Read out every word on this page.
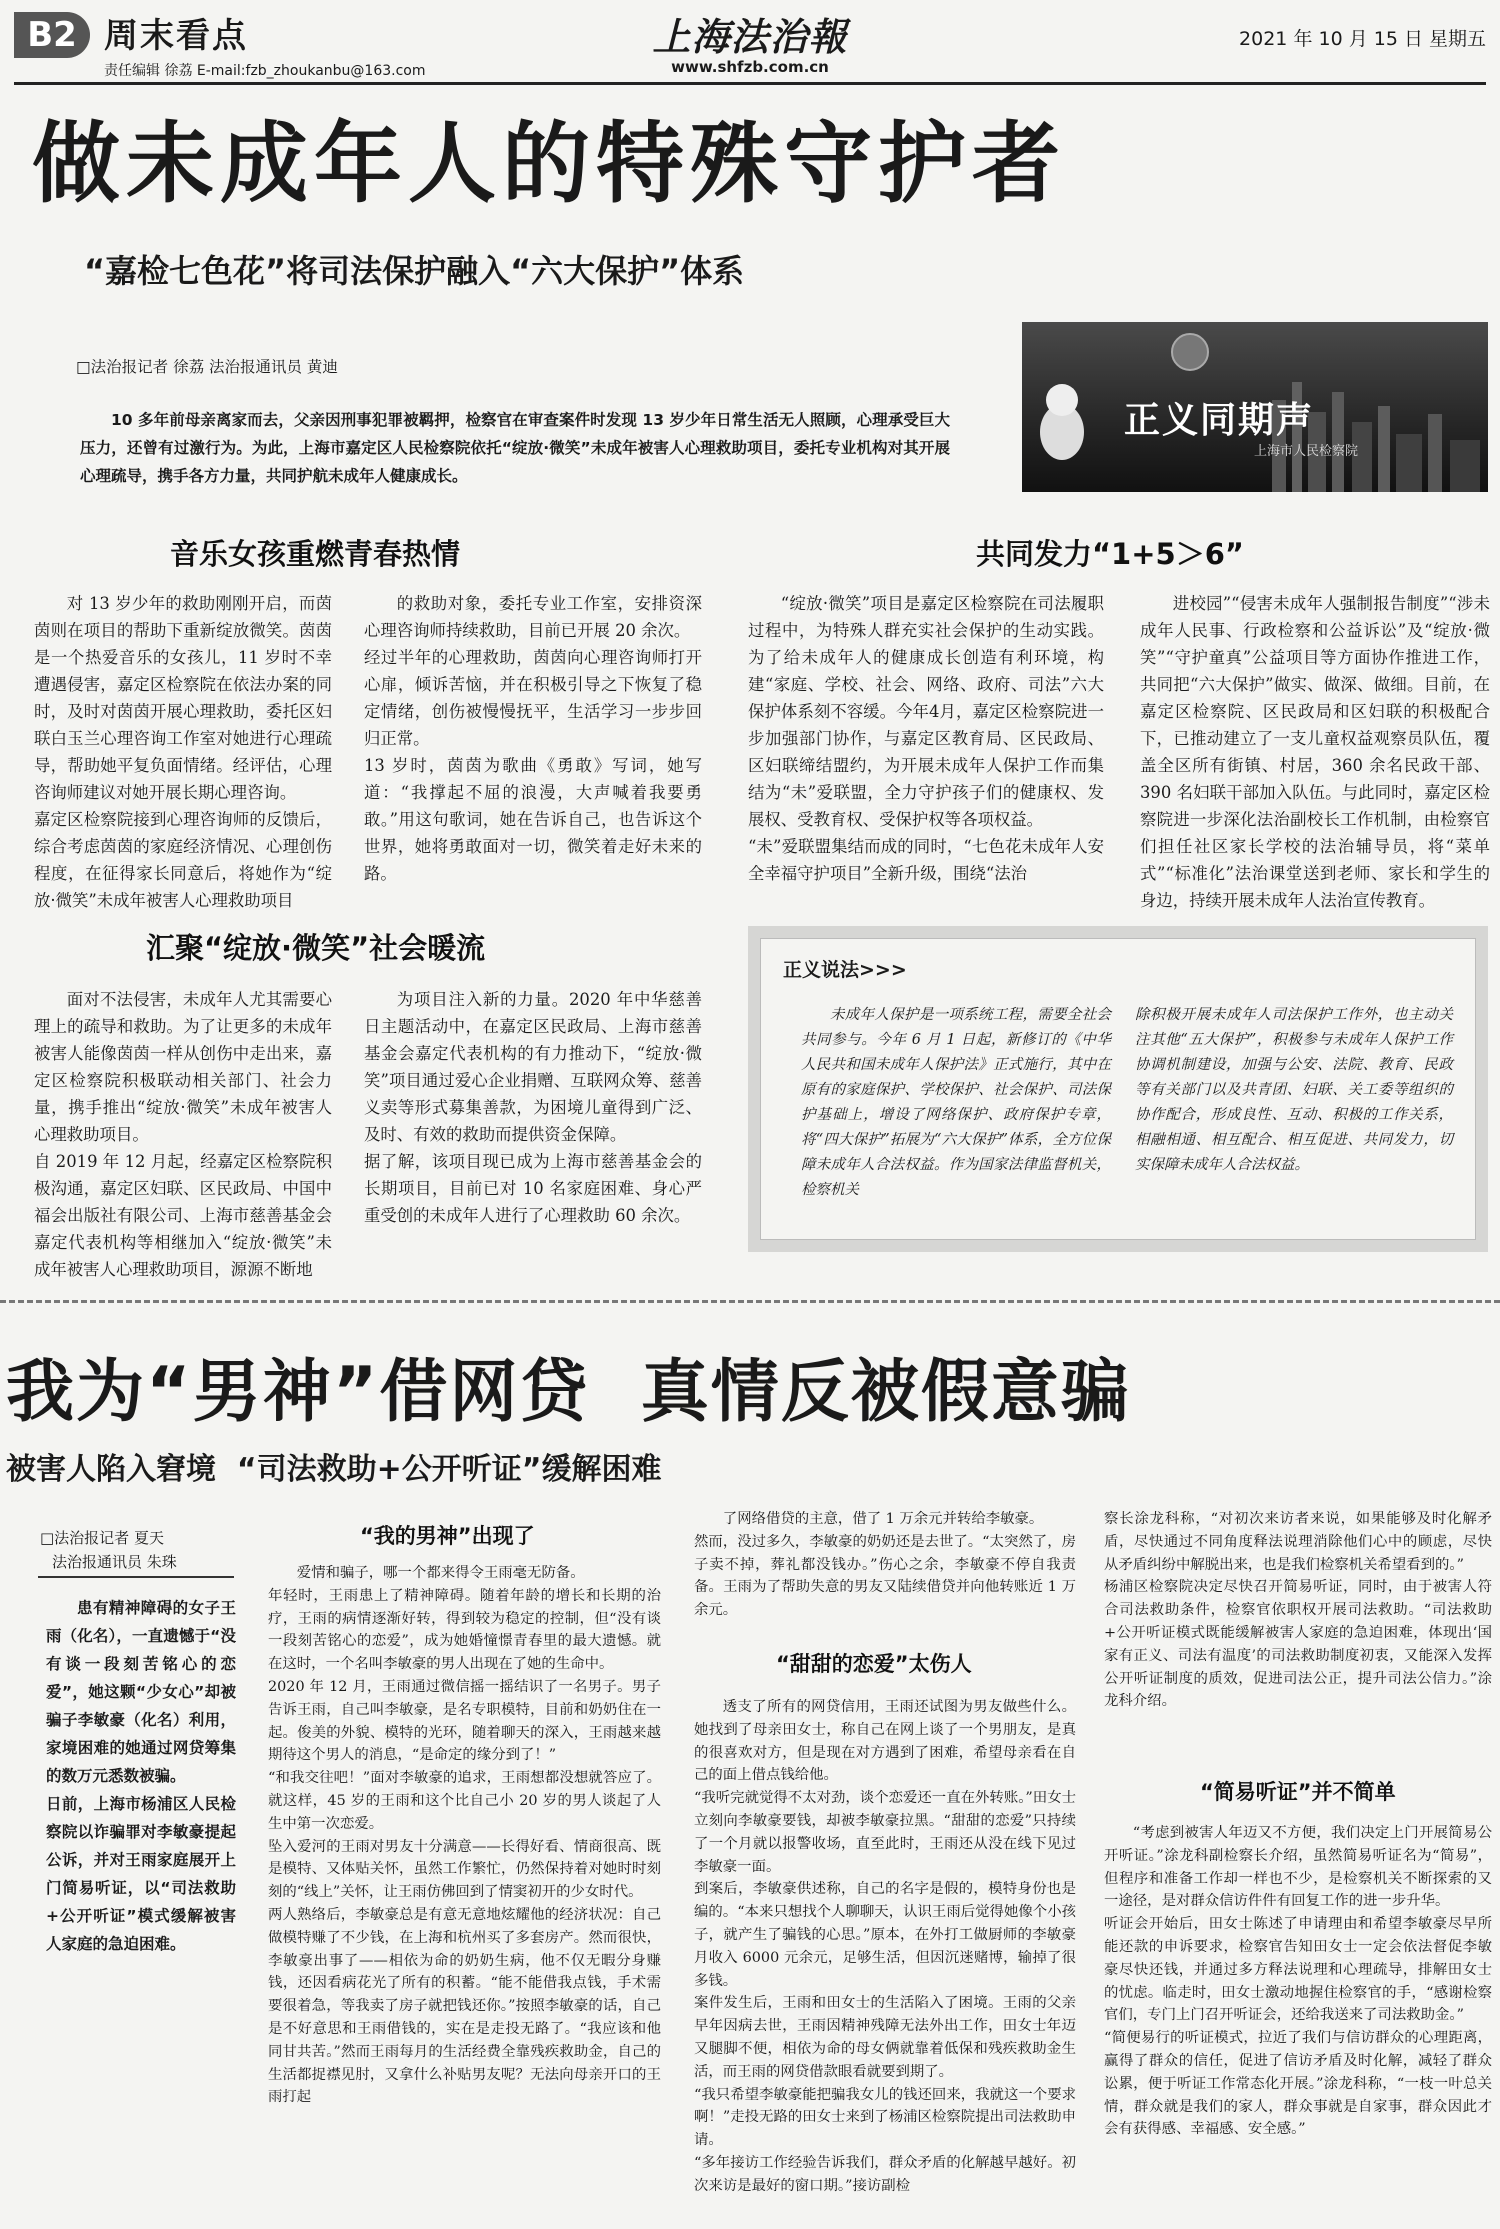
B2 周末看点
责任编辑 徐荔 E-mail:fzb_zhoukanbu@163.com
上海法治報
www.shfzb.com.cn
2021 年 10 月 15 日 星期五
做未成年人的特殊守护者
“嘉检七色花”将司法保护融入“六大保护”体系
□法治报记者 徐荔 法治报通讯员 黄迪
10 多年前母亲离家而去，父亲因刑事犯罪被羁押，检察官在审查案件时发现 13 岁少年日常生活无人照顾，心理承受巨大压力，还曾有过激行为。为此，上海市嘉定区人民检察院依托“绽放·微笑”未成年被害人心理救助项目，委托专业机构对其开展心理疏导，携手各方力量，共同护航未成年人健康成长。
正义同期声
上海市人民检察院
音乐女孩重燃青春热情
对 13 岁少年的救助刚刚开启，而茵茵则在项目的帮助下重新绽放微笑。茵茵是一个热爱音乐的女孩儿，11 岁时不幸遭遇侵害，嘉定区检察院在依法办案的同时，及时对茵茵开展心理救助，委托区妇联白玉兰心理咨询工作室对她进行心理疏导，帮助她平复负面情绪。经评估，心理咨询师建议对她开展长期心理咨询。
嘉定区检察院接到心理咨询师的反馈后，综合考虑茵茵的家庭经济情况、心理创伤程度，在征得家长同意后，将她作为“绽放·微笑”未成年被害人心理救助项目
的救助对象，委托专业工作室，安排资深心理咨询师持续救助，目前已开展 20 余次。
经过半年的心理救助，茵茵向心理咨询师打开心扉，倾诉苦恼，并在积极引导之下恢复了稳定情绪，创伤被慢慢抚平，生活学习一步步回归正常。
13 岁时，茵茵为歌曲《勇敢》写词，她写道：“我撑起不屈的浪漫，大声喊着我要勇敢。”用这句歌词，她在告诉自己，也告诉这个世界，她将勇敢面对一切，微笑着走好未来的路。
共同发力“1+5＞6”
“绽放·微笑”项目是嘉定区检察院在司法履职过程中，为特殊人群充实社会保护的生动实践。为了给未成年人的健康成长创造有利环境，构建“家庭、学校、社会、网络、政府、司法”六大保护体系刻不容缓。今年4月，嘉定区检察院进一步加强部门协作，与嘉定区教育局、区民政局、区妇联缔结盟约，为开展未成年人保护工作而集结为“未”爱联盟，全力守护孩子们的健康权、发展权、受教育权、受保护权等各项权益。
“未”爱联盟集结而成的同时，“七色花未成年人安全幸福守护项目”全新升级，围绕“法治
进校园”“侵害未成年人强制报告制度”“涉未成年人民事、行政检察和公益诉讼”及“绽放·微笑”“守护童真”公益项目等方面协作推进工作，共同把“六大保护”做实、做深、做细。目前，在嘉定区检察院、区民政局和区妇联的积极配合下，已推动建立了一支儿童权益观察员队伍，覆盖全区所有街镇、村居，360 余名民政干部、390 名妇联干部加入队伍。与此同时，嘉定区检察院进一步深化法治副校长工作机制，由检察官们担任社区家长学校的法治辅导员，将“菜单式”“标准化”法治课堂送到老师、家长和学生的身边，持续开展未成年人法治宣传教育。
汇聚“绽放·微笑”社会暖流
面对不法侵害，未成年人尤其需要心理上的疏导和救助。为了让更多的未成年被害人能像茵茵一样从创伤中走出来，嘉定区检察院积极联动相关部门、社会力量，携手推出“绽放·微笑”未成年被害人心理救助项目。
自 2019 年 12 月起，经嘉定区检察院积极沟通，嘉定区妇联、区民政局、中国中福会出版社有限公司、上海市慈善基金会嘉定代表机构等相继加入“绽放·微笑”未成年被害人心理救助项目，源源不断地
为项目注入新的力量。2020 年中华慈善日主题活动中，在嘉定区民政局、上海市慈善基金会嘉定代表机构的有力推动下，“绽放·微笑”项目通过爱心企业捐赠、互联网众筹、慈善义卖等形式募集善款，为困境儿童得到广泛、及时、有效的救助而提供资金保障。
据了解，该项目现已成为上海市慈善基金会的长期项目，目前已对 10 名家庭困难、身心严重受创的未成年人进行了心理救助 60 余次。
正义说法>>>
未成年人保护是一项系统工程，需要全社会共同参与。今年 6 月 1 日起，新修订的《中华人民共和国未成年人保护法》正式施行，其中在原有的家庭保护、学校保护、社会保护、司法保护基础上，增设了网络保护、政府保护专章，将“四大保护”拓展为“六大保护”体系，全方位保障未成年人合法权益。作为国家法律监督机关，检察机关
除积极开展未成年人司法保护工作外，也主动关注其他“五大保护”，积极参与未成年人保护工作协调机制建设，加强与公安、法院、教育、民政等有关部门以及共青团、妇联、关工委等组织的协作配合，形成良性、互动、积极的工作关系，相融相通、相互配合、相互促进、共同发力，切实保障未成年人合法权益。
我为“男神”借网贷  真情反被假意骗
被害人陷入窘境  “司法救助+公开听证”缓解困难
□法治报记者 夏天
法治报通讯员 朱珠
患有精神障碍的女子王雨（化名），一直遗憾于“没有谈一段刻苦铭心的恋爱”，她这颗“少女心”却被骗子李敏豪（化名）利用，家境困难的她通过网贷筹集的数万元悉数被骗。
日前，上海市杨浦区人民检察院以诈骗罪对李敏豪提起公诉，并对王雨家庭展开上门简易听证，以“司法救助+公开听证”模式缓解被害人家庭的急迫困难。
“我的男神”出现了
爱情和骗子，哪一个都来得令王雨毫无防备。
年轻时，王雨患上了精神障碍。随着年龄的增长和长期的治疗，王雨的病情逐渐好转，得到较为稳定的控制，但“没有谈一段刻苦铭心的恋爱”，成为她婚憧憬青春里的最大遗憾。就在这时，一个名叫李敏豪的男人出现在了她的生命中。
2020 年 12 月，王雨通过微信摇一摇结识了一名男子。男子告诉王雨，自己叫李敏豪，是名专职模特，目前和奶奶住在一起。俊美的外貌、模特的光环，随着聊天的深入，王雨越来越期待这个男人的消息，“是命定的缘分到了！”
“和我交往吧！”面对李敏豪的追求，王雨想都没想就答应了。就这样，45 岁的王雨和这个比自己小 20 岁的男人谈起了人生中第一次恋爱。
坠入爱河的王雨对男友十分满意——长得好看、情商很高、既是模特、又体贴关怀，虽然工作繁忙，仍然保持着对她时时刻刻的“线上”关怀，让王雨仿佛回到了情窦初开的少女时代。
两人熟络后，李敏豪总是有意无意地炫耀他的经济状况：自己做模特赚了不少钱，在上海和杭州买了多套房产。然而很快，李敏豪出事了——相依为命的奶奶生病，他不仅无暇分身赚钱，还因看病花光了所有的积蓄。“能不能借我点钱，手术需要很着急，等我卖了房子就把钱还你。”按照李敏豪的话，自己是不好意思和王雨借钱的，实在是走投无路了。“我应该和他同甘共苦。”然而王雨每月的生活经费全靠残疾救助金，自己的生活都捉襟见肘，又拿什么补贴男友呢？无法向母亲开口的王雨打起
了网络借贷的主意，借了 1 万余元并转给李敏豪。
然而，没过多久，李敏豪的奶奶还是去世了。“太突然了，房子卖不掉，葬礼都没钱办。”伤心之余，李敏豪不停自我责备。王雨为了帮助失意的男友又陆续借贷并向他转账近 1 万余元。
“甜甜的恋爱”太伤人
透支了所有的网贷信用，王雨还试图为男友做些什么。她找到了母亲田女士，称自己在网上谈了一个男朋友，是真的很喜欢对方，但是现在对方遇到了困难，希望母亲看在自己的面上借点钱给他。
“我听完就觉得不太对劲，谈个恋爱还一直在外转账。”田女士立刻向李敏豪要钱，却被李敏豪拉黑。“甜甜的恋爱”只持续了一个月就以报警收场，直至此时，王雨还从没在线下见过李敏豪一面。
到案后，李敏豪供述称，自己的名字是假的，模特身份也是编的。“本来只想找个人聊聊天，认识王雨后觉得她像个小孩子，就产生了骗钱的心思。”原本，在外打工做厨师的李敏豪月收入 6000 元余元，足够生活，但因沉迷赌博，输掉了很多钱。
案件发生后，王雨和田女士的生活陷入了困境。王雨的父亲早年因病去世，王雨因精神残障无法外出工作，田女士年迈又腿脚不便，相依为命的母女俩就靠着低保和残疾救助金生活，而王雨的网贷借款眼看就要到期了。
“我只希望李敏豪能把骗我女儿的钱还回来，我就这一个要求啊！”走投无路的田女士来到了杨浦区检察院提出司法救助申请。
“多年接访工作经验告诉我们，群众矛盾的化解越早越好。初次来访是最好的窗口期。”接访副检
察长涂龙科称，“对初次来访者来说，如果能够及时化解矛盾，尽快通过不同角度释法说理消除他们心中的顾虑，尽快从矛盾纠纷中解脱出来，也是我们检察机关希望看到的。”
杨浦区检察院决定尽快召开简易听证，同时，由于被害人符合司法救助条件，检察官依职权开展司法救助。“司法救助+公开听证模式既能缓解被害人家庭的急迫困难，体现出‘国家有正义、司法有温度’的司法救助制度初衷，又能深入发挥公开听证制度的质效，促进司法公正，提升司法公信力。”涂龙科介绍。
“简易听证”并不简单
“考虑到被害人年迈又不方便，我们决定上门开展简易公开听证。”涂龙科副检察长介绍，虽然简易听证名为“简易”，但程序和准备工作却一样也不少，是检察机关不断探索的又一途径，是对群众信访件件有回复工作的进一步升华。
听证会开始后，田女士陈述了申请理由和希望李敏豪尽早所能还款的申诉要求，检察官告知田女士一定会依法督促李敏豪尽快还钱，并通过多方释法说理和心理疏导，排解田女士的忧虑。临走时，田女士激动地握住检察官的手，“感谢检察官们，专门上门召开听证会，还给我送来了司法救助金。”
“简便易行的听证模式，拉近了我们与信访群众的心理距离，赢得了群众的信任，促进了信访矛盾及时化解，减轻了群众讼累，便于听证工作常态化开展。”涂龙科称，“一枝一叶总关情，群众就是我们的家人，群众事就是自家事，群众因此才会有获得感、幸福感、安全感。”
